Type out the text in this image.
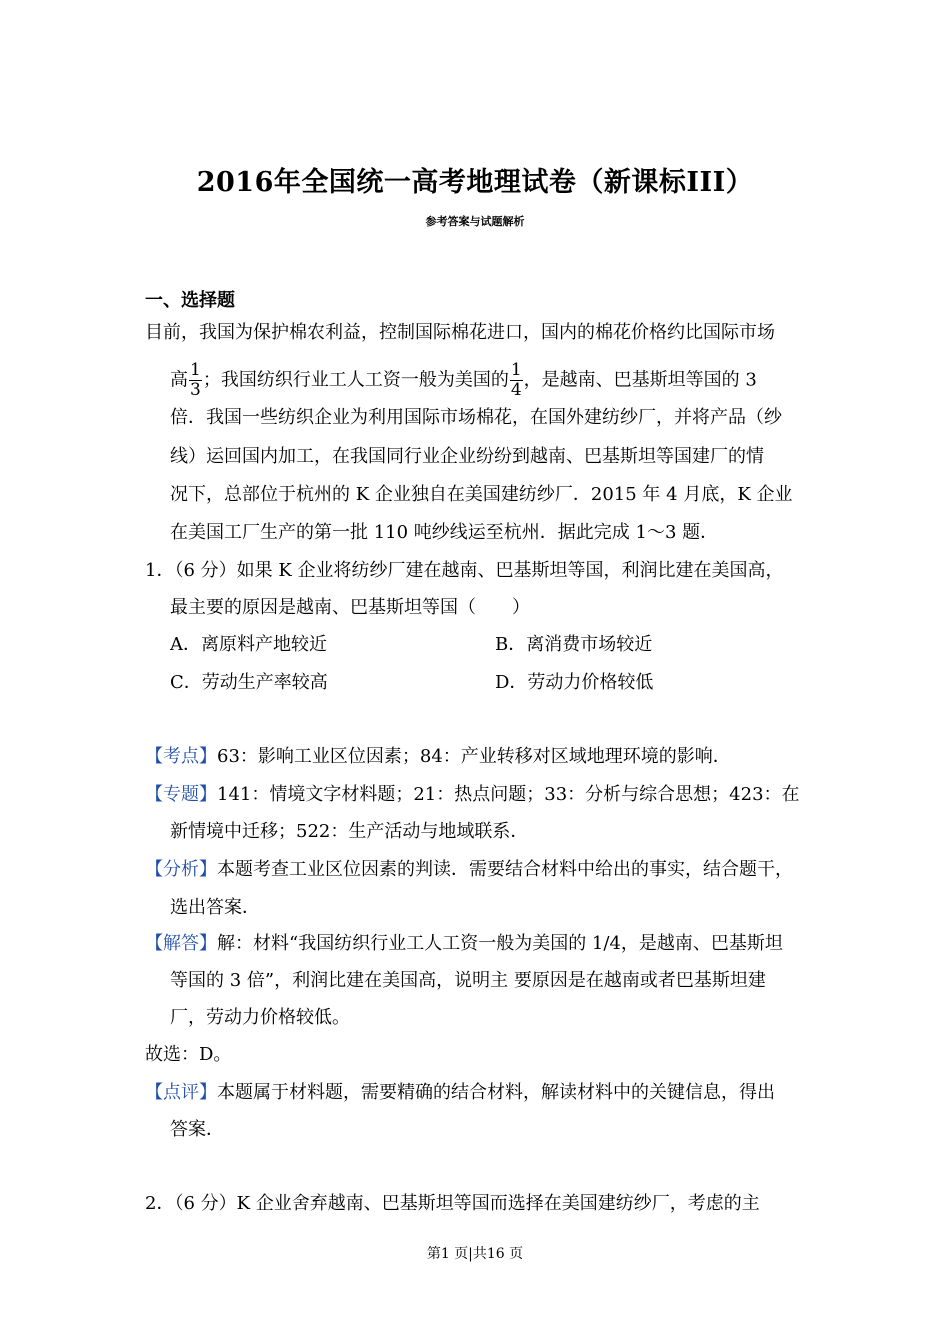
2016年全国统一高考地理试卷（新课标III）
参考答案与试题解析
一、选择题
目前，我国为保护棉农利益，控制国际棉花进口，国内的棉花价格约比国际市场
高 $\frac{1}{3}$ ；我国纺织行业工人工资一般为美国的 $\frac{1}{4}$ ，是越南、巴基斯坦等国的 3
倍．我国一些纺织企业为利用国际市场棉花，在国外建纺纱厂，并将产品（纱
线）运回国内加工，在我国同行业企业纷纷到越南、巴基斯坦等国建厂的情
况下，总部位于杭州的 K 企业独自在美国建纺纱厂．2015 年 4 月底，K 企业
在美国工厂生产的第一批 110 吨纱线运至杭州．据此完成 1～3 题．
1．（6 分）如果 K 企业将纺纱厂建在越南、巴基斯坦等国，利润比建在美国高，
最主要的原因是越南、巴基斯坦等国（　　）
A．离原料产地较近	B．离消费市场较近
C．劳动生产率较高	D．劳动力价格较低
【考点】63：影响工业区位因素；84：产业转移对区域地理环境的影响．
【专题】141：情境文字材料题；21：热点问题；33：分析与综合思想；423：在
新情境中迁移；522：生产活动与地域联系．
【分析】本题考查工业区位因素的判读．需要结合材料中给出的事实，结合题干，
选出答案．
【解答】解：材料“我国纺织行业工人工资一般为美国的 1/4，是越南、巴基斯坦
等国的 3 倍”，利润比建在美国高，说明主 要原因是在越南或者巴基斯坦建
厂，劳动力价格较低。
故选：D。
【点评】本题属于材料题，需要精确的结合材料，解读材料中的关键信息，得出
答案．
2．（6 分）K 企业舍弃越南、巴基斯坦等国而选择在美国建纺纱厂，考虑的主
第1 页|共16 页
